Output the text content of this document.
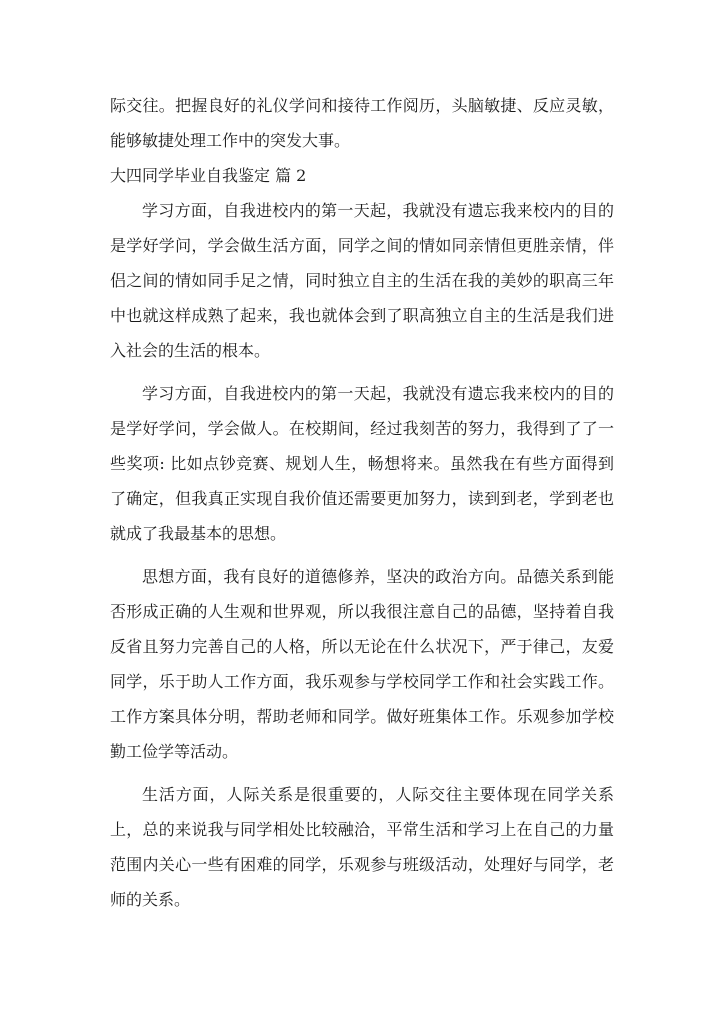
际交往。把握良好的礼仪学问和接待工作阅历，头脑敏捷、反应灵敏，能够敏捷处理工作中的突发大事。

大四同学毕业自我鉴定 篇 2

学习方面，自我进校内的第一天起，我就没有遗忘我来校内的目的是学好学问，学会做生活方面，同学之间的情如同亲情但更胜亲情，伴侣之间的情如同手足之情，同时独立自主的生活在我的美妙的职高三年中也就这样成熟了起来，我也就体会到了职高独立自主的生活是我们进入社会的生活的根本。

学习方面，自我进校内的第一天起，我就没有遗忘我来校内的目的是学好学问，学会做人。在校期间，经过我刻苦的努力，我得到了了一些奖项: 比如点钞竞赛、规划人生，畅想将来。虽然我在有些方面得到了确定，但我真正实现自我价值还需要更加努力，读到到老，学到老也就成了我最基本的思想。

思想方面，我有良好的道德修养，坚决的政治方向。品德关系到能否形成正确的人生观和世界观，所以我很注意自己的品德，坚持着自我反省且努力完善自己的人格，所以无论在什么状况下，严于律己，友爱同学，乐于助人工作方面，我乐观参与学校同学工作和社会实践工作。工作方案具体分明，帮助老师和同学。做好班集体工作。乐观参加学校勤工俭学等活动。

生活方面，人际关系是很重要的，人际交往主要体现在同学关系上，总的来说我与同学相处比较融洽，平常生活和学习上在自己的力量范围内关心一些有困难的同学，乐观参与班级活动，处理好与同学，老师的关系。
